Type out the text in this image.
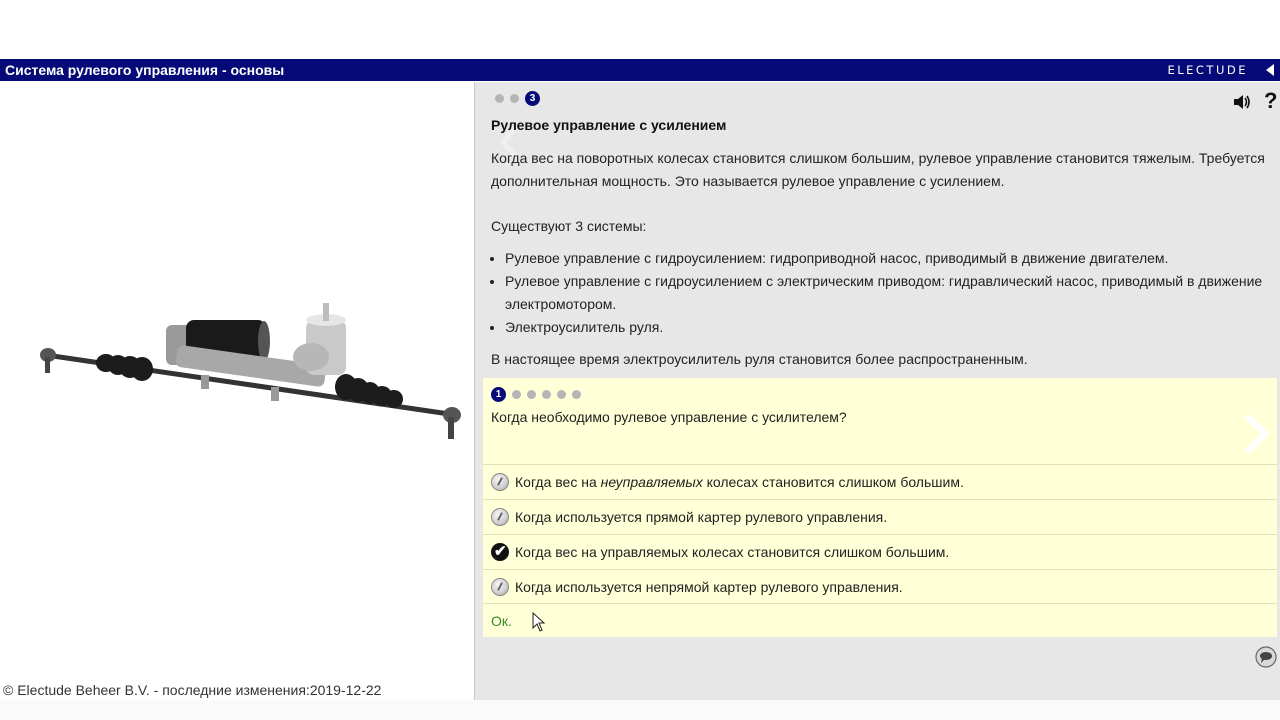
Система рулевого управления - основы	ELECTUDE
© Electude Beheer B.V. - последние изменения:2019-12-22
3	?
Рулевое управление с усилением

Когда вес на поворотных колесах становится слишком большим, рулевое управление становится тяжелым. Требуется дополнительная мощность. Это называется рулевое управление с усилением.

Существуют 3 системы:

• Рулевое управление с гидроусилением: гидроприводной насос, приводимый в движение двигателем.
• Рулевое управление с гидроусилением с электрическим приводом: гидравлический насос, приводимый в движение электромотором.
• Электроусилитель руля.

В настоящее время электроусилитель руля становится более распространенным.

1
Когда необходимо рулевое управление с усилителем?
Когда вес на неуправляемых колесах становится слишком большим.
Когда используется прямой картер рулевого управления.
✔ Когда вес на управляемых колесах становится слишком большим.
Когда используется непрямой картер рулевого управления.
Ок.
